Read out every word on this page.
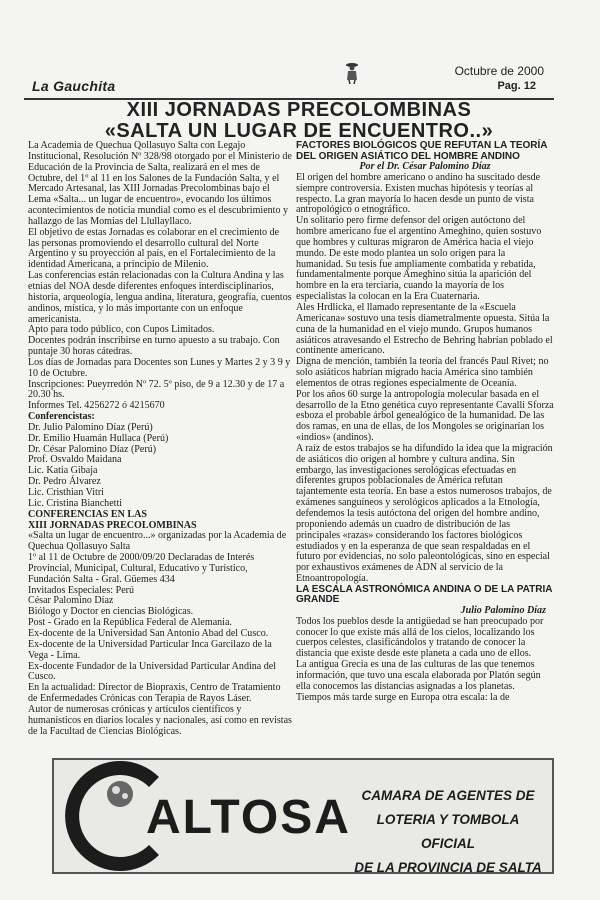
La Gauchita
Octubre de 2000
Pag. 12
XIII JORNADAS PRECOLOMBINAS
«SALTA UN LUGAR DE ENCUENTRO..»

La Academia de Quechua Qollasuyo Salta con Legajo Institucional, Resolución Nº 328/98 otorgado por el Ministerio de Educación de la Provincia de Salta, realizará en el mes de Octubre, del 1º al 11 en los Salones de la Fundación Salta, y el Mercado Artesanal, las XIII Jornadas Precolombinas bajo el Lema «Salta... un lugar de encuentro», evocando los últimos acontecimientos de noticia mundial como es el descubrimiento y hallazgo de las Momias del Llullayllaco.

El objetivo de estas Jornadas es colaborar en el crecimiento de las personas promoviendo el desarrollo cultural del Norte Argentino y su proyección al país, en el Fortalecimiento de la identidad Americana, a principio de Milenio.

Las conferencias están relacionadas con la Cultura Andina y las etnias del NOA desde diferentes enfoques interdisciplinarios, historia, arqueología, lengua andina, literatura, geografía, cuentos andinos, mística, y lo más importante con un enfoque americanista.

Apto para todo público, con Cupos Limitados.

Docentes podrán inscribirse en turno apuesto a su trabajo. Con puntaje 30 horas cátedras.

Los días de Jornadas para Docentes son Lunes y Martes 2 y 3 9 y 10 de Octubre.

Inscripciones: Pueyrredón Nº 72. 5º piso, de 9 a 12.30 y de 17 a 20.30 hs.

Informes Tel. 4256272 ó 4215670

Conferencistas:

Dr. Julio Palomino Díaz (Perú)

Dr. Emilio Huamán Hullaca (Perú)

Dr. César Palomino Díaz (Perú)

Prof. Osvaldo Maidana

Lic. Katia Gibaja

Dr. Pedro Álvarez

Lic. Cristhian Vitri

Lic. Cristina Bianchetti

CONFERENCIAS EN LAS

XIII JORNADAS PRECOLOMBINAS

«Salta un lugar de encuentro...» organizadas por la Academia de Quechua Qollasuyo Salta

1º al 11 de Octubre de 2000/09/20 Declaradas de Interés Provincial, Municipal, Cultural, Educativo y Turístico, Fundación Salta - Gral. Güemes 434

Invitados Especiales: Perú

César Palomino Díaz

Biólogo y Doctor en ciencias Biológicas.

Post - Grado en la República Federal de Alemania.

Ex-docente de la Universidad San Antonio Abad del Cusco.

Ex-docente de la Universidad Particular Inca Garcilazo de la Vega - Lima.

Ex-docente Fundador de la Universidad Particular Andina del Cusco.

En la actualidad: Director de Biopraxis, Centro de Tratamiento de Enfermedades Crónicas con Terapia de Rayos Láser.

Autor de numerosas crónicas y artículos científicos y humanísticos en diarios locales y nacionales, así como en revistas de la Facultad de Ciencias Biológicas.

FACTORES BIOLÓGICOS QUE REFUTAN LA TEORÍA DEL ORIGEN ASIÁTICO DEL HOMBRE ANDINO

Por el Dr. César Palomino Díaz

El origen del hombre americano o andino ha suscitado desde siempre controversia. Existen muchas hipótesis y teorías al respecto. La gran mayoría lo hacen desde un punto de vista antropológico o etnográfico.

Un solitario pero firme defensor del origen autóctono del hombre americano fue el argentino Ameghino, quien sostuvo que hombres y culturas migraron de América hacia el viejo mundo. De este modo plantea un solo origen para la humanidad. Su tesis fue ampliamente combatida y rebatida, fundamentalmente porque Ameghino sitúa la aparición del hombre en la era terciaria, cuando la mayoría de los especialistas la colocan en la Era Cuaternaria.

Ales Hrdlicka, el llamado representante de la «Escuela Americana» sostuvo una tesis diametralmente opuesta. Sitúa la cuna de la humanidad en el viejo mundo. Grupos humanos asiáticos atravesando el Estrecho de Behring habrían poblado el continente americano.

Digna de mención, también la teoría del francés Paul Rivet; no solo asiáticos habrían migrado hacia América sino también elementos de otras regiones especialmente de Oceanía.

Por los años 60 surge la antropología molecular basada en el desarrollo de la Etno genética cuyo representante Cavalli Sforza esboza el probable árbol genealógico de la humanidad. De las dos ramas, en una de ellas, de los Mongoles se originarían los «indios» (andinos).

A raíz de estos trabajos se ha difundido la idea que la migración de asiáticos dio origen al hombre y cultura andina. Sin embargo, las investigaciones serológicas efectuadas en diferentes grupos poblacionales de América refutan tajantemente esta teoría. En base a estos numerosos trabajos, de exámenes sanguíneos y serológicos aplicados a la Etnología, defendemos la tesis autóctona del origen del hombre andino, proponiendo además un cuadro de distribución de las principales «razas» considerando los factores biológicos estudiados y en la esperanza de que sean respaldadas en el futuro por evidencias, no solo paleontológicas, sino en especial por exhaustivos exámenes de ADN al servicio de la Etnoantropología.

LA ESCALA ASTRONÓMICA ANDINA O DE LA PATRIA GRANDE

Julio Palomino Díaz

Todos los pueblos desde la antigüedad se han preocupado por conocer lo que existe más allá de los cielos, localizando los cuerpos celestes, clasificándolos y tratando de conocer la distancia que existe desde este planeta a cada uno de ellos.

La antigua Grecia es una de las culturas de las que tenemos información, que tuvo una escala elaborada por Platón según ella conocemos las distancias asignadas a los planetas.

Tiempos más tarde surge en Europa otra escala: la de

ALTOSA CAMARA DE AGENTES DE
LOTERIA Y TOMBOLA OFICIAL
DE LA PROVINCIA DE SALTA
